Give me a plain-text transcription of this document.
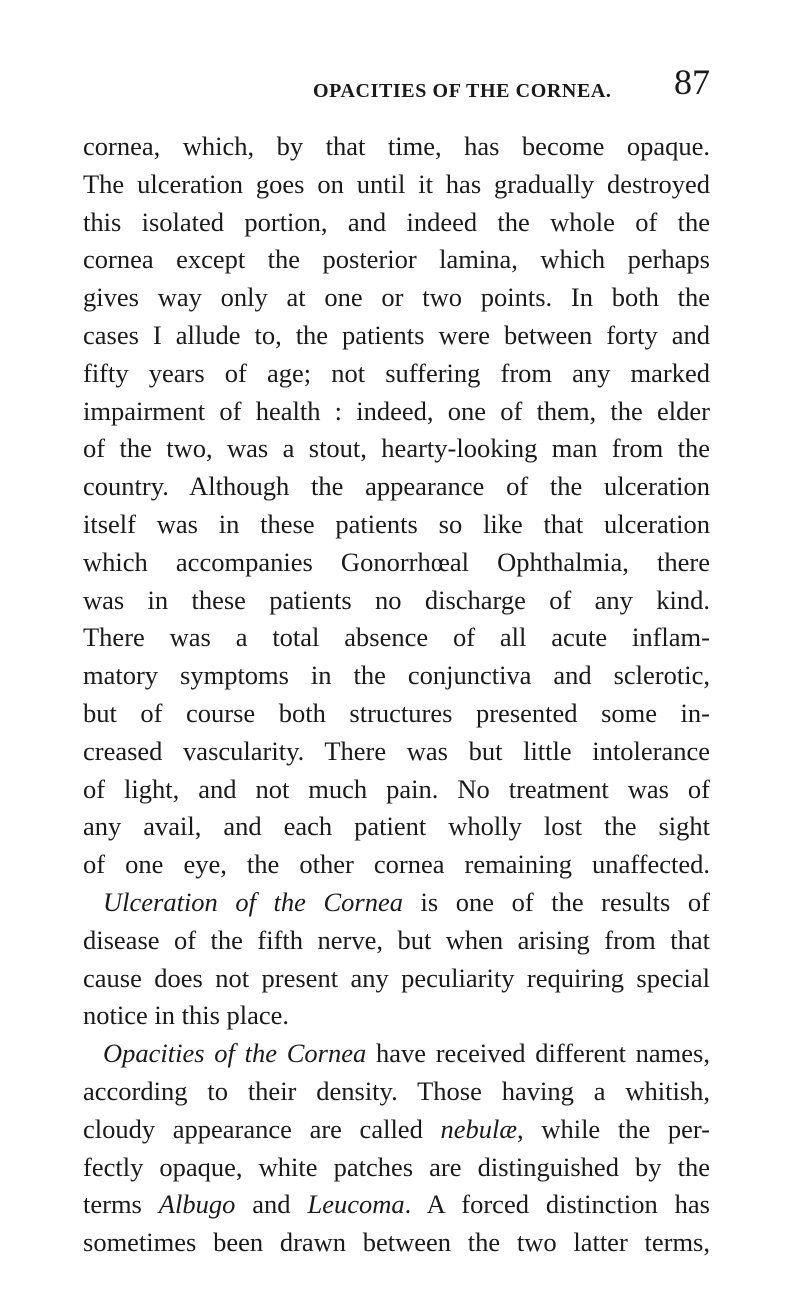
OPACITIES OF THE CORNEA. 87
cornea, which, by that time, has become opaque.
The ulceration goes on until it has gradually destroyed
this isolated portion, and indeed the whole of the
cornea except the posterior lamina, which perhaps
gives way only at one or two points. In both the
cases I allude to, the patients were between forty and
fifty years of age; not suffering from any marked
impairment of health : indeed, one of them, the elder
of the two, was a stout, hearty-looking man from the
country. Although the appearance of the ulceration
itself was in these patients so like that ulceration
which accompanies Gonorrhœal Ophthalmia, there
was in these patients no discharge of any kind.
There was a total absence of all acute inflam-
matory symptoms in the conjunctiva and sclerotic,
but of course both structures presented some in-
creased vascularity. There was but little intolerance
of light, and not much pain. No treatment was of
any avail, and each patient wholly lost the sight
of one eye, the other cornea remaining unaffected.
Ulceration of the Cornea is one of the results of
disease of the fifth nerve, but when arising from that
cause does not present any peculiarity requiring special
notice in this place.
Opacities of the Cornea have received different names,
according to their density. Those having a whitish,
cloudy appearance are called nebulæ, while the per-
fectly opaque, white patches are distinguished by the
terms Albugo and Leucoma. A forced distinction has
sometimes been drawn between the two latter terms,
